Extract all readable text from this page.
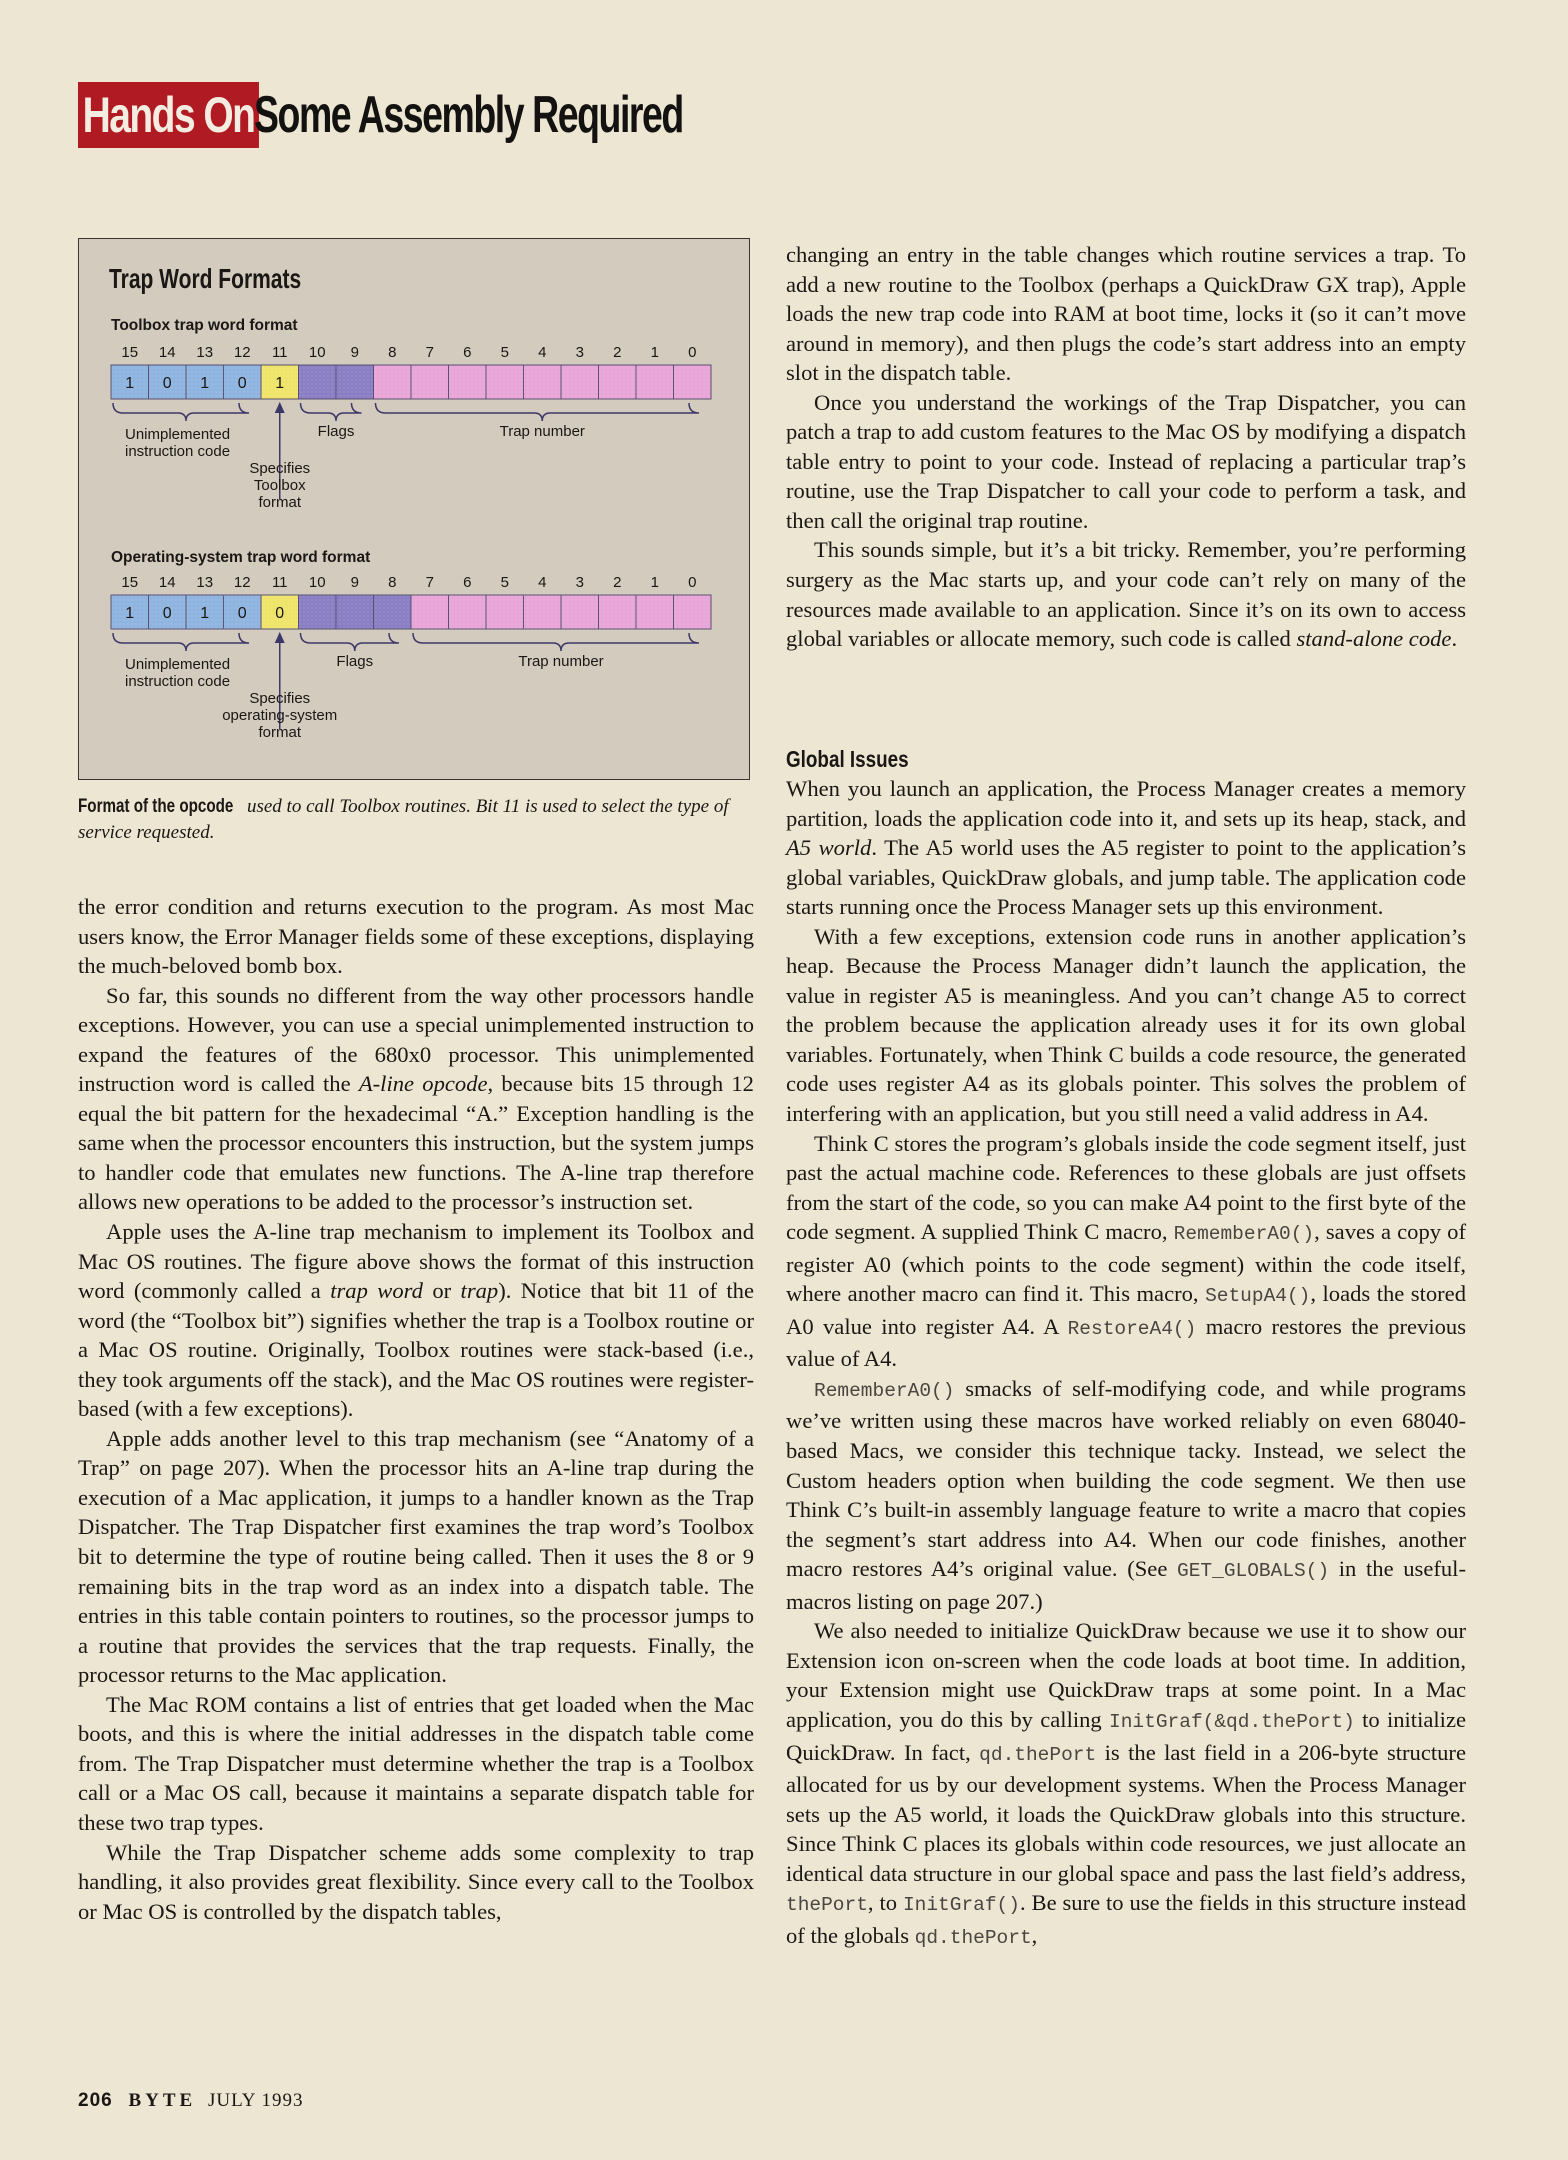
Hands On Some Assembly Required
Trap Word Formats
Toolbox trap word format
Operating-system trap word format
15 14 13 12 11 10 9 8 7 6 5 4 3 2 1 0
1 0 1 0 1
Unimplemented
instruction code
Flags	Trap number
Specifies
Toolbox
format
15 14 13 12 11 10 9 8 7 6 5 4 3 2 1 0
1 0 1 0 0
Unimplemented
instruction code
Flags	Trap number
Specifies
operating-system
format
Format of the opcode used to call Toolbox routines. Bit 11 is used to select the type of service requested.

the error condition and returns execution to the program. As most Mac users know, the Error Manager fields some of these exceptions, displaying the much-beloved bomb box.

So far, this sounds no different from the way other processors handle exceptions. However, you can use a special unimplemented instruction to expand the features of the 680x0 processor. This unimplemented instruction word is called the A-line opcode, because bits 15 through 12 equal the bit pattern for the hexadecimal “A.” Exception handling is the same when the processor encounters this instruction, but the system jumps to handler code that emulates new functions. The A-line trap therefore allows new operations to be added to the processor’s instruction set.

Apple uses the A-line trap mechanism to implement its Toolbox and Mac OS routines. The figure above shows the format of this instruction word (commonly called a trap word or trap). Notice that bit 11 of the word (the “Toolbox bit”) signifies whether the trap is a Toolbox routine or a Mac OS routine. Originally, Toolbox routines were stack-based (i.e., they took arguments off the stack), and the Mac OS routines were register-based (with a few exceptions).

Apple adds another level to this trap mechanism (see “Anatomy of a Trap” on page 207). When the processor hits an A-line trap during the execution of a Mac application, it jumps to a handler known as the Trap Dispatcher. The Trap Dispatcher first examines the trap word’s Toolbox bit to determine the type of routine being called. Then it uses the 8 or 9 remaining bits in the trap word as an index into a dispatch table. The entries in this table contain pointers to routines, so the processor jumps to a routine that provides the services that the trap requests. Finally, the processor returns to the Mac application.

The Mac ROM contains a list of entries that get loaded when the Mac boots, and this is where the initial addresses in the dispatch table come from. The Trap Dispatcher must determine whether the trap is a Toolbox call or a Mac OS call, because it maintains a separate dispatch table for these two trap types.

While the Trap Dispatcher scheme adds some complexity to trap handling, it also provides great flexibility. Since every call to the Toolbox or Mac OS is controlled by the dispatch tables,

changing an entry in the table changes which routine services a trap. To add a new routine to the Toolbox (perhaps a QuickDraw GX trap), Apple loads the new trap code into RAM at boot time, locks it (so it can’t move around in memory), and then plugs the code’s start address into an empty slot in the dispatch table.

Once you understand the workings of the Trap Dispatcher, you can patch a trap to add custom features to the Mac OS by modifying a dispatch table entry to point to your code. Instead of replacing a particular trap’s routine, use the Trap Dispatcher to call your code to perform a task, and then call the original trap routine.

This sounds simple, but it’s a bit tricky. Remember, you’re performing surgery as the Mac starts up, and your code can’t rely on many of the resources made available to an application. Since it’s on its own to access global variables or allocate memory, such code is called stand-alone code.

Global Issues

When you launch an application, the Process Manager creates a memory partition, loads the application code into it, and sets up its heap, stack, and A5 world. The A5 world uses the A5 register to point to the application’s global variables, QuickDraw globals, and jump table. The application code starts running once the Process Manager sets up this environment.

With a few exceptions, extension code runs in another application’s heap. Because the Process Manager didn’t launch the application, the value in register A5 is meaningless. And you can’t change A5 to correct the problem because the application already uses it for its own global variables. Fortunately, when Think C builds a code resource, the generated code uses register A4 as its globals pointer. This solves the problem of interfering with an application, but you still need a valid address in A4.

Think C stores the program’s globals inside the code segment itself, just past the actual machine code. References to these globals are just offsets from the start of the code, so you can make A4 point to the first byte of the code segment. A supplied Think C macro, RememberA0(), saves a copy of register A0 (which points to the code segment) within the code itself, where another macro can find it. This macro, SetupA4(), loads the stored A0 value into register A4. A RestoreA4() macro restores the previous value of A4.

RememberA0() smacks of self-modifying code, and while programs we’ve written using these macros have worked reliably on even 68040-based Macs, we consider this technique tacky. Instead, we select the Custom headers option when building the code segment. We then use Think C’s built-in assembly language feature to write a macro that copies the segment’s start address into A4. When our code finishes, another macro restores A4’s original value. (See GET_GLOBALS() in the useful-macros listing on page 207.)

We also needed to initialize QuickDraw because we use it to show our Extension icon on-screen when the code loads at boot time. In addition, your Extension might use QuickDraw traps at some point. In a Mac application, you do this by calling InitGraf(&qd.thePort) to initialize QuickDraw. In fact, qd.thePort is the last field in a 206-byte structure allocated for us by our development systems. When the Process Manager sets up the A5 world, it loads the QuickDraw globals into this structure. Since Think C places its globals within code resources, we just allocate an identical data structure in our global space and pass the last field’s address, thePort, to InitGraf(). Be sure to use the fields in this structure instead of the globals qd.thePort,

206 BYTE JULY 1993
